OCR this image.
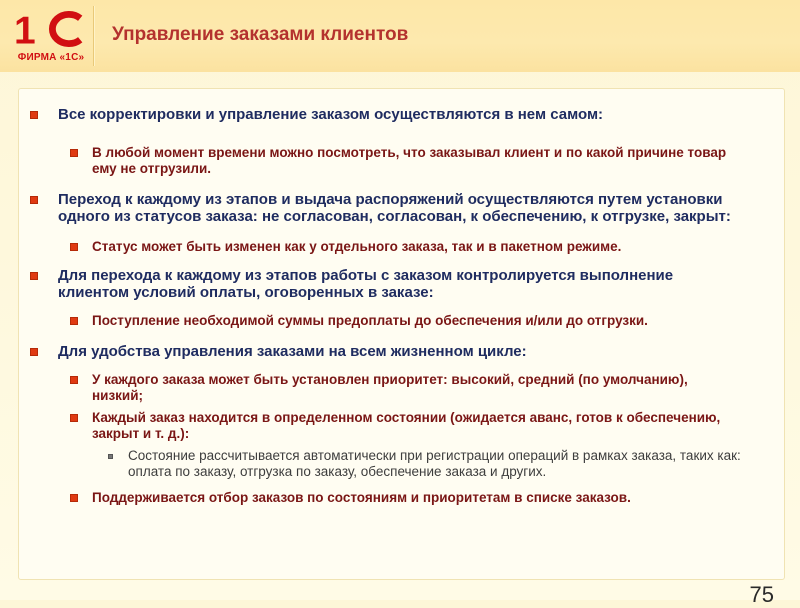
1
ФИРМА «1С»
Управление заказами клиентов
Все корректировки и управление заказом осуществляются в нем самом:
В любой момент времени можно посмотреть, что заказывал клиент и по какой причине товар ему не отгрузили.
Переход к каждому из этапов и выдача распоряжений осуществляются путем установки одного из статусов заказа: не согласован, согласован, к обеспечению, к отгрузке, закрыт:
Статус может быть изменен как у отдельного заказа, так и в пакетном режиме.
Для перехода к каждому из этапов работы с заказом контролируется выполнение клиентом условий оплаты, оговоренных в заказе:
Поступление необходимой суммы предоплаты до обеспечения и/или до отгрузки.
Для удобства управления заказами на всем жизненном цикле:
У каждого заказа может быть установлен приоритет: высокий, средний (по умолчанию), низкий;
Каждый заказ находится в определенном состоянии (ожидается аванс, готов к обеспечению, закрыт и т. д.):
Состояние рассчитывается автоматически при регистрации операций в рамках заказа, таких как: оплата по заказу, отгрузка по заказу, обеспечение заказа и других.
Поддерживается отбор заказов по состояниям и приоритетам в списке заказов.
75
